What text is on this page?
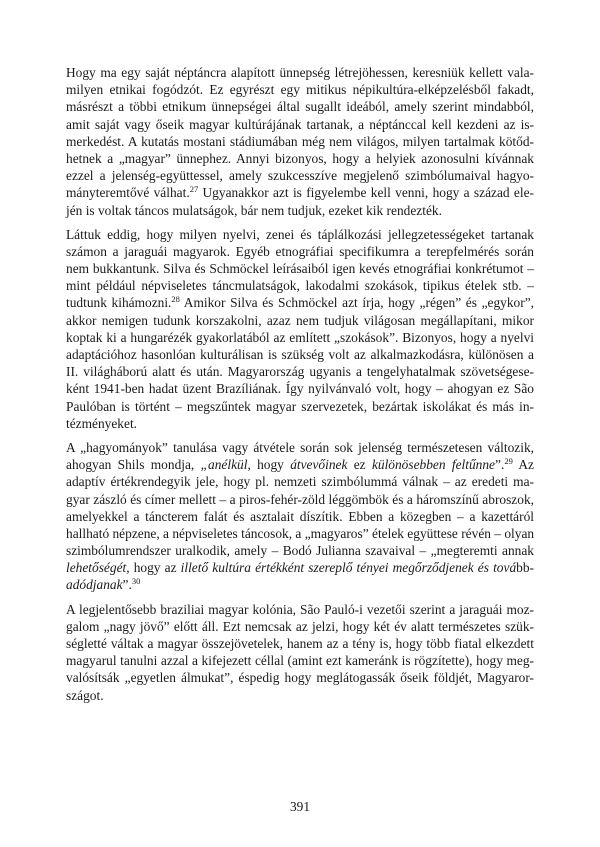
Hogy ma egy saját néptáncra alapított ünnepség létrejöhessen, keresniük kellett vala-
milyen etnikai fogódzót. Ez egyrészt egy mitikus népikultúra-elképzelésből fakadt,
másrészt a többi etnikum ünnepségei által sugallt ideából, amely szerint mindabból,
amit saját vagy őseik magyar kultúrájának tartanak, a néptánccal kell kezdeni az is-
merkedést. A kutatás mostani stádiumában még nem világos, milyen tartalmak kötőd-
hetnek a „magyar” ünnephez. Annyi bizonyos, hogy a helyiek azonosulni kívánnak
ezzel a jelenség-együttessel, amely szukcesszíve megjelenő szimbólumaival hagyo-
mányteremtővé válhat.$^{27}$ Ugyanakkor azt is figyelembe kell venni, hogy a század ele-
jén is voltak táncos mulatságok, bár nem tudjuk, ezeket kik rendezték.
Láttuk eddig, hogy milyen nyelvi, zenei és táplálkozási jellegzetességeket tartanak
számon a jaraguái magyarok. Egyéb etnográfiai specifikumra a terepfelmérés során
nem bukkantunk. Silva és Schmöckel leírásaiból igen kevés etnográfiai konkrétumot –
mint például népviseletes táncmulatságok, lakodalmi szokások, tipikus ételek stb. –
tudtunk kihámozni.$^{28}$ Amikor Silva és Schmöckel azt írja, hogy „régen” és „egykor”,
akkor nemigen tudunk korszakolni, azaz nem tudjuk világosan megállapítani, mikor
koptak ki a hungarézék gyakorlatából az említett „szokások”. Bizonyos, hogy a nyelvi
adaptációhoz hasonlóan kulturálisan is szükség volt az alkalmazkodásra, különösen a
II. világháború alatt és után. Magyarország ugyanis a tengelyhatalmak szövetségese-
ként 1941-ben hadat üzent Brazíliának. Így nyilvánvaló volt, hogy – ahogyan ez São
Paulóban is történt – megszűntek magyar szervezetek, bezártak iskolákat és más in-
tézményeket.
A „hagyományok” tanulása vagy átvétele során sok jelenség természetesen változik,
ahogyan Shils mondja, „anélkül, hogy átvevőinek ez különösebben feltűnne”.$^{29}$ Az
adaptív értékrendegyik jele, hogy pl. nemzeti szimbólummá válnak – az eredeti ma-
gyar zászló és címer mellett – a piros-fehér-zöld léggömbök és a háromszínű abroszok,
amelyekkel a táncterem falát és asztalait díszítik. Ebben a közegben – a kazettáról
hallható népzene, a népviseletes táncosok, a „magyaros” ételek együttese révén – olyan
szimbólumrendszer uralkodik, amely – Bodó Julianna szavaival – „megteremti annak
lehetőségét, hogy az illető kultúra értékként szereplő tényei megőrződjenek és tovább-
adódjanak”.$^{30}$
A legjelentősebb braziliai magyar kolónia, São Pauló-i vezetői szerint a jaraguái moz-
galom „nagy jövő” előtt áll. Ezt nemcsak az jelzi, hogy két év alatt természetes szük-
ségletté váltak a magyar összejövetelek, hanem az a tény is, hogy több fiatal elkezdett
magyarul tanulni azzal a kifejezett céllal (amint ezt kameránk is rögzítette), hogy meg-
valósítsák „egyetlen álmukat”, éspedig hogy meglátogassák őseik földjét, Magyaror-
szágot.
391
